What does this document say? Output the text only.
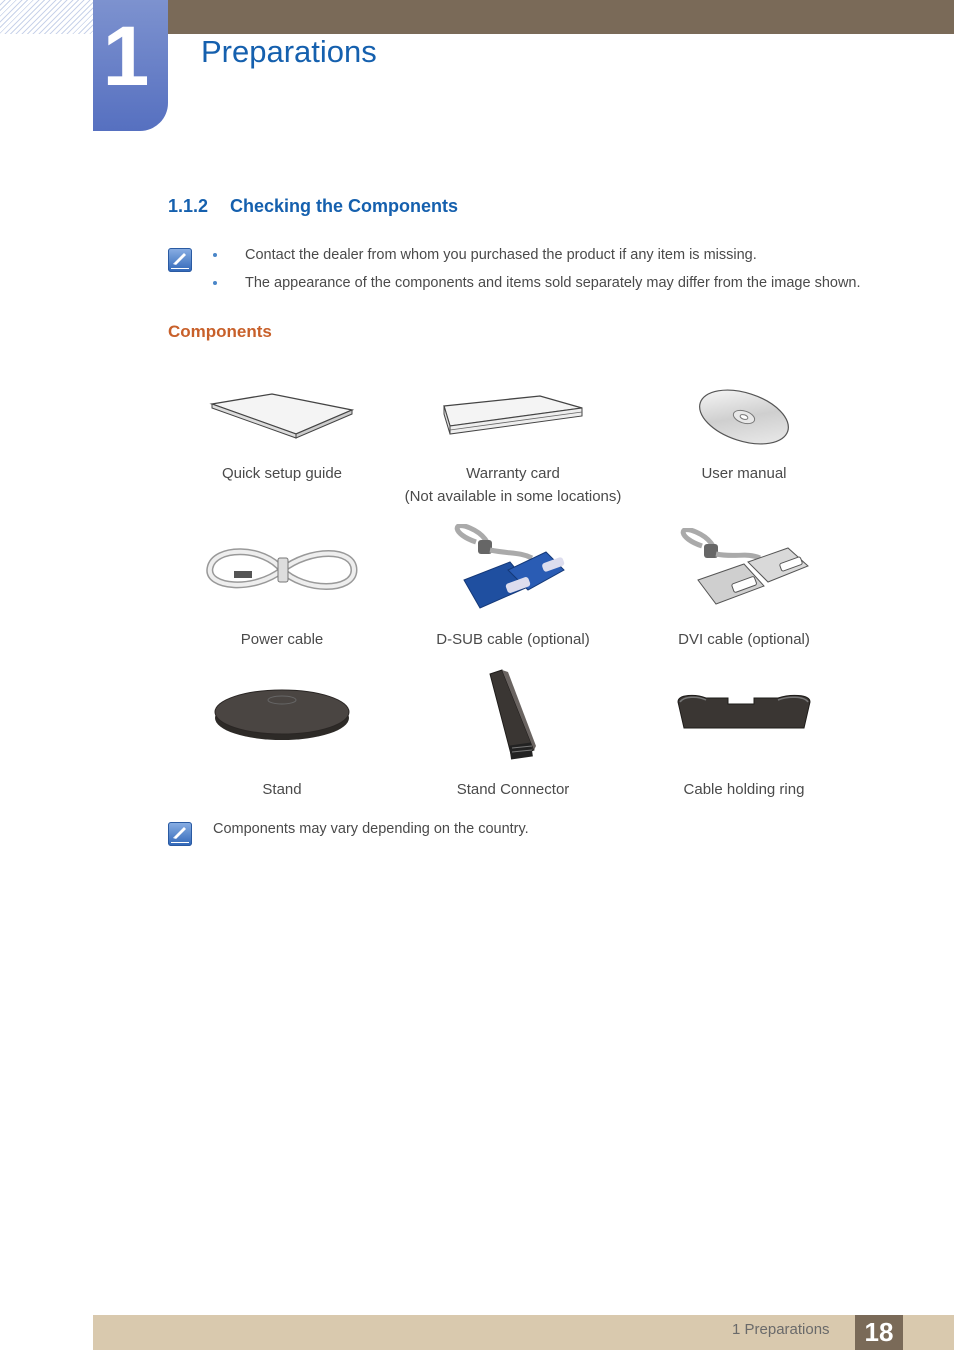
1	Preparations
1.1.2 Checking the Components
Contact the dealer from whom you purchased the product if any item is missing.
The appearance of the components and items sold separately may differ from the image shown.
Components
Quick setup guide	Warranty card
(Not available in some locations)
User manual
Power cable	D-SUB cable (optional)	DVI cable (optional)
Stand	Stand Connector	Cable holding ring
Components may vary depending on the country.
1 Preparations	18
